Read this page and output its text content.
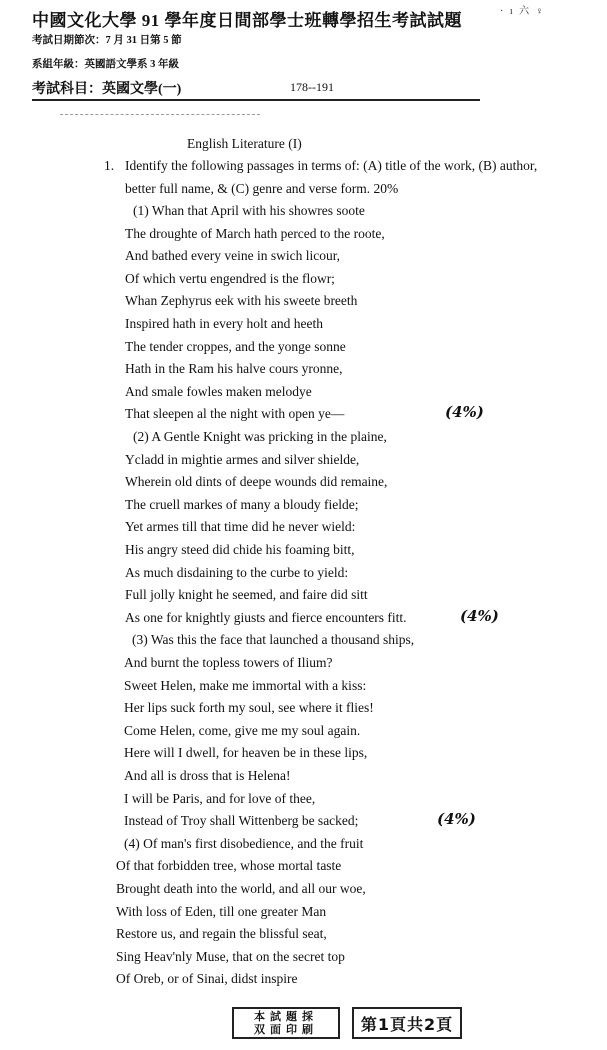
中國文化大學 91 學年度日間部學士班轉學招生考試試題	· ı 六 ♀
考試日期節次：7 月 31 日第 5 節
系組年級：英國語文學系 3 年級
考試科目：英國文學(一)	178--191
English Literature (I)
1. Identify the following passages in terms of: (A) title of the work, (B) author,
better full name, & (C) genre and verse form. 20%
(1) Whan that April with his showres soote
The droughte of March hath perced to the roote,
And bathed every veine in swich licour,
Of which vertu engendred is the flowr;
Whan Zephyrus eek with his sweete breeth
Inspired hath in every holt and heeth
The tender croppes, and the yonge sonne
Hath in the Ram his halve cours yronne,
And smale fowles maken melodye
That sleepen al the night with open ye—	(4%)
(2) A Gentle Knight was pricking in the plaine,
Ycladd in mightie armes and silver shielde,
Wherein old dints of deepe wounds did remaine,
The cruell markes of many a bloudy fielde;
Yet armes till that time did he never wield:
His angry steed did chide his foaming bitt,
As much disdaining to the curbe to yield:
Full jolly knight he seemed, and faire did sitt
As one for knightly giusts and fierce encounters fitt.	(4%)
(3) Was this the face that launched a thousand ships,
And burnt the topless towers of Ilium?
Sweet Helen, make me immortal with a kiss:
Her lips suck forth my soul, see where it flies!
Come Helen, come, give me my soul again.
Here will I dwell, for heaven be in these lips,
And all is dross that is Helena!
I will be Paris, and for love of thee,
Instead of Troy shall Wittenberg be sacked;	(4%)
(4) Of man's first disobedience, and the fruit
Of that forbidden tree, whose mortal taste
Brought death into the world, and all our woe,
With loss of Eden, till one greater Man
Restore us, and regain the blissful seat,
Sing Heav'nly Muse, that on the secret top
Of Oreb, or of Sinai, didst inspire
本試題採
双面印刷	第1頁共2頁
